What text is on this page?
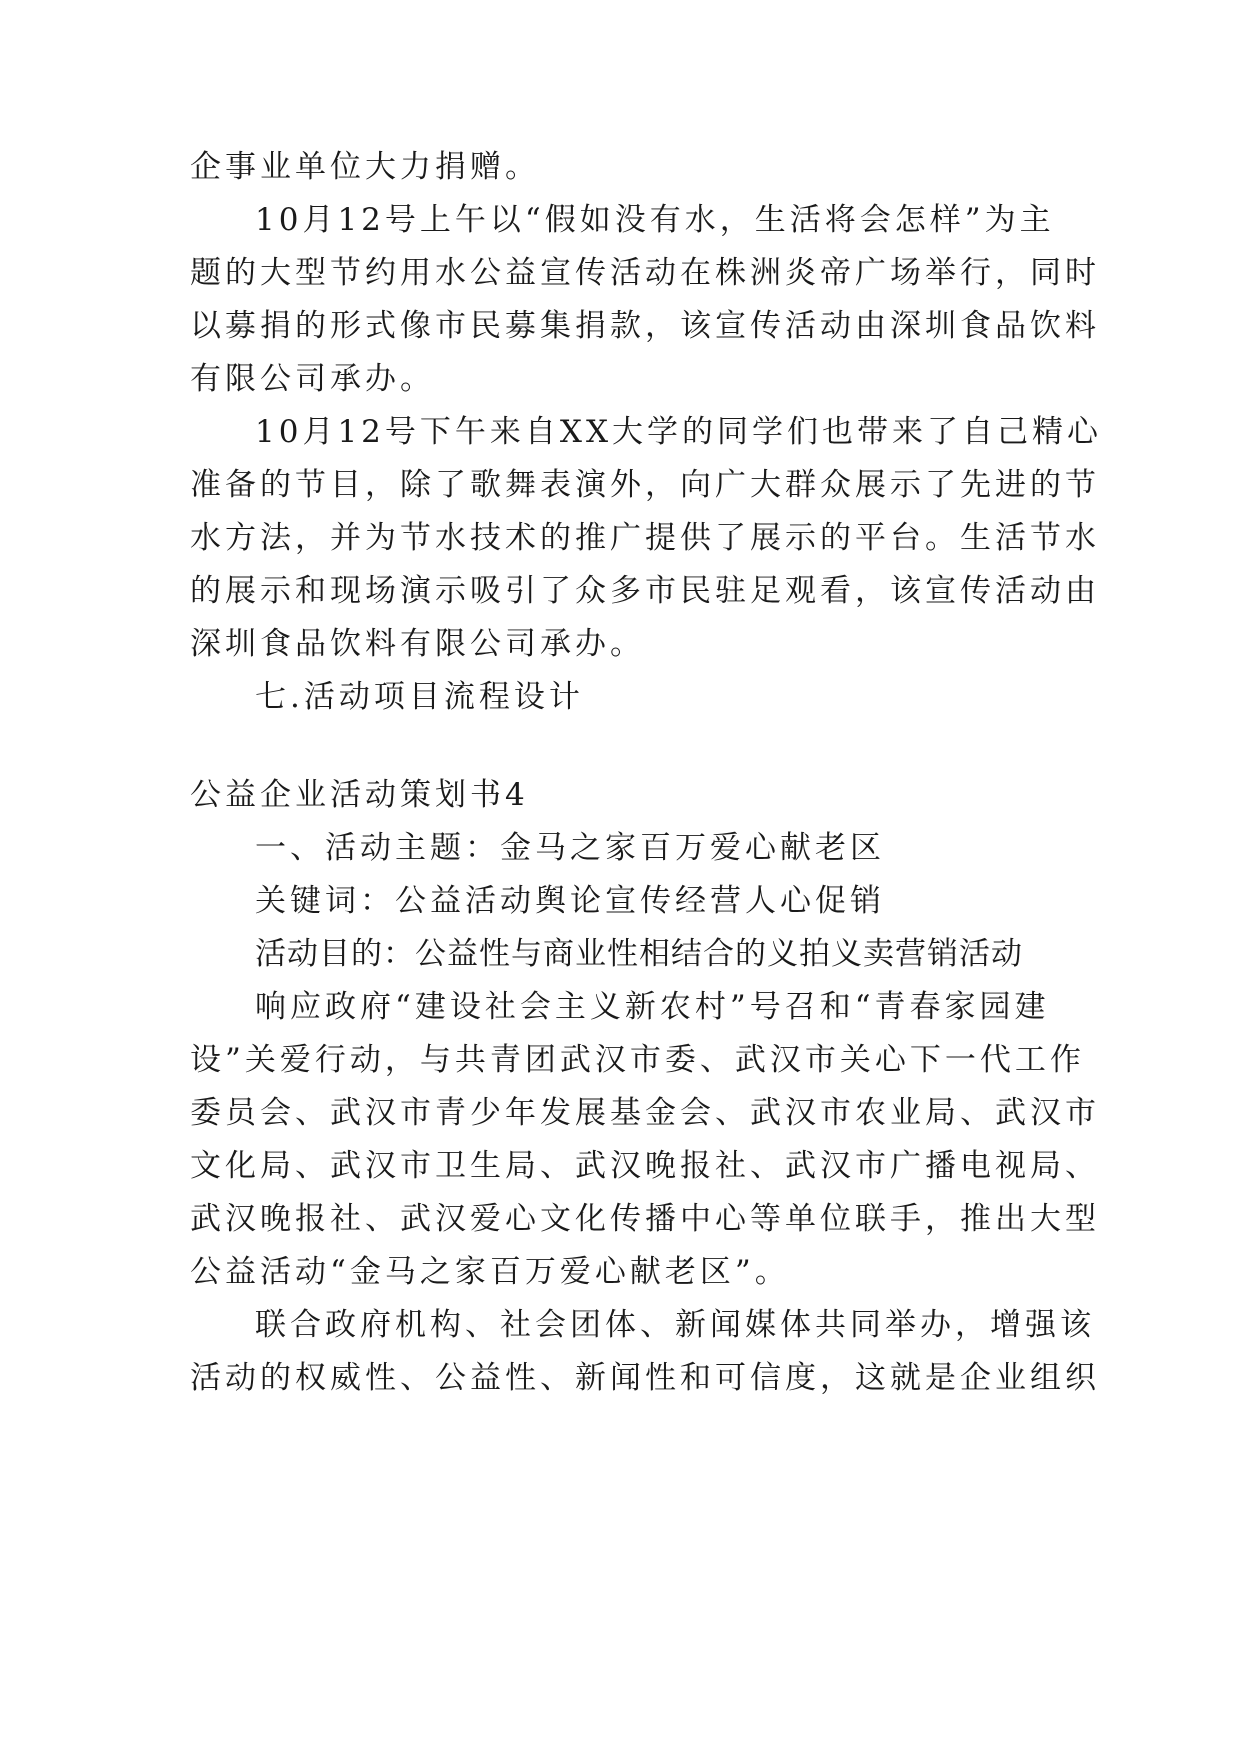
企事业单位大力捐赠。
10月12号上午以“假如没有水，生活将会怎样”为主
题的大型节约用水公益宣传活动在株洲炎帝广场举行，同时
以募捐的形式像市民募集捐款，该宣传活动由深圳食品饮料
有限公司承办。
10月12号下午来自XX大学的同学们也带来了自己精心
准备的节目，除了歌舞表演外，向广大群众展示了先进的节
水方法，并为节水技术的推广提供了展示的平台。生活节水
的展示和现场演示吸引了众多市民驻足观看，该宣传活动由
深圳食品饮料有限公司承办。
七.活动项目流程设计
公益企业活动策划书4
一、活动主题：金马之家百万爱心献老区
关键词：公益活动舆论宣传经营人心促销
活动目的：公益性与商业性相结合的义拍义卖营销活动
响应政府“建设社会主义新农村”号召和“青春家园建
设”关爱行动，与共青团武汉市委、武汉市关心下一代工作
委员会、武汉市青少年发展基金会、武汉市农业局、武汉市
文化局、武汉市卫生局、武汉晚报社、武汉市广播电视局、
武汉晚报社、武汉爱心文化传播中心等单位联手，推出大型
公益活动“金马之家百万爱心献老区”。
联合政府机构、社会团体、新闻媒体共同举办，增强该
活动的权威性、公益性、新闻性和可信度，这就是企业组织
